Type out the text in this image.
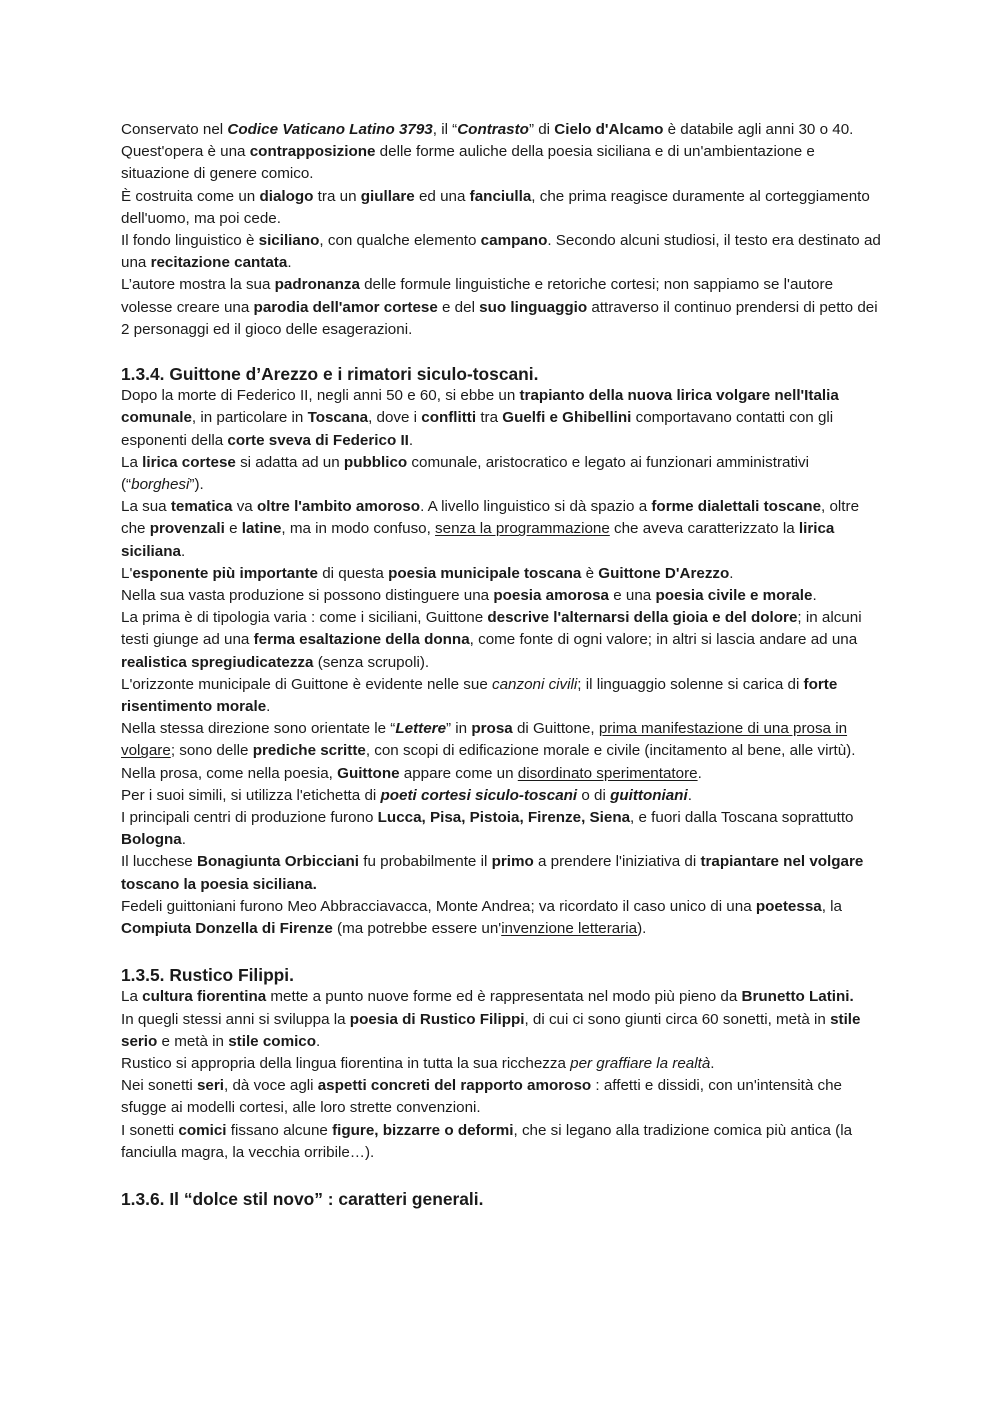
Conservato nel Codice Vaticano Latino 3793, il “Contrasto” di Cielo d'Alcamo è databile agli anni 30 o 40. Quest'opera è una contrapposizione delle forme auliche della poesia siciliana e di un'ambientazione e situazione di genere comico.

È costruita come un dialogo tra un giullare ed una fanciulla, che prima reagisce duramente al corteggiamento dell'uomo, ma poi cede.

Il fondo linguistico è siciliano, con qualche elemento campano. Secondo alcuni studiosi, il testo era destinato ad una recitazione cantata.

L’autore mostra la sua padronanza delle formule linguistiche e retoriche cortesi; non sappiamo se l'autore volesse creare una parodia dell'amor cortese e del suo linguaggio attraverso il continuo prendersi di petto dei 2 personaggi ed il gioco delle esagerazioni.

1.3.4. Guittone d’Arezzo e i rimatori siculo-toscani.

Dopo la morte di Federico II, negli anni 50 e 60, si ebbe un trapianto della nuova lirica volgare nell'Italia comunale, in particolare in Toscana, dove i conflitti tra Guelfi e Ghibellini comportavano contatti con gli esponenti della corte sveva di Federico II.

La lirica cortese si adatta ad un pubblico comunale, aristocratico e legato ai funzionari amministrativi (“borghesi”).

La sua tematica va oltre l'ambito amoroso. A livello linguistico si dà spazio a forme dialettali toscane, oltre che provenzali e latine, ma in modo confuso, senza la programmazione che aveva caratterizzato la lirica siciliana.

L'esponente più importante di questa poesia municipale toscana è Guittone D'Arezzo.

Nella sua vasta produzione si possono distinguere una poesia amorosa e una poesia civile e morale.

La prima è di tipologia varia : come i siciliani, Guittone descrive l'alternarsi della gioia e del dolore; in alcuni testi giunge ad una ferma esaltazione della donna, come fonte di ogni valore; in altri si lascia andare ad una realistica spregiudicatezza (senza scrupoli).

L'orizzonte municipale di Guittone è evidente nelle sue canzoni civili; il linguaggio solenne si carica di forte risentimento morale.

Nella stessa direzione sono orientate le “Lettere” in prosa di Guittone, prima manifestazione di una prosa in volgare; sono delle prediche scritte, con scopi di edificazione morale e civile (incitamento al bene, alle virtù).

Nella prosa, come nella poesia, Guittone appare come un disordinato sperimentatore.

Per i suoi simili, si utilizza l'etichetta di poeti cortesi siculo-toscani o di guittoniani.

I principali centri di produzione furono Lucca, Pisa, Pistoia, Firenze, Siena, e fuori dalla Toscana soprattutto Bologna.

Il lucchese Bonagiunta Orbicciani fu probabilmente il primo a prendere l'iniziativa di trapiantare nel volgare toscano la poesia siciliana.

Fedeli guittoniani furono Meo Abbracciavacca, Monte Andrea; va ricordato il caso unico di una poetessa, la Compiuta Donzella di Firenze (ma potrebbe essere un'invenzione letteraria).

1.3.5. Rustico Filippi.

La cultura fiorentina mette a punto nuove forme ed è rappresentata nel modo più pieno da Brunetto Latini.

In quegli stessi anni si sviluppa la poesia di Rustico Filippi, di cui ci sono giunti circa 60 sonetti, metà in stile serio e metà in stile comico.

Rustico si appropria della lingua fiorentina in tutta la sua ricchezza per graffiare la realtà.

Nei sonetti seri, dà voce agli aspetti concreti del rapporto amoroso : affetti e dissidi, con un'intensità che sfugge ai modelli cortesi, alle loro strette convenzioni.

I sonetti comici fissano alcune figure, bizzarre o deformi, che si legano alla tradizione comica più antica (la fanciulla magra, la vecchia orribile…).

1.3.6. Il “dolce stil novo” : caratteri generali.
